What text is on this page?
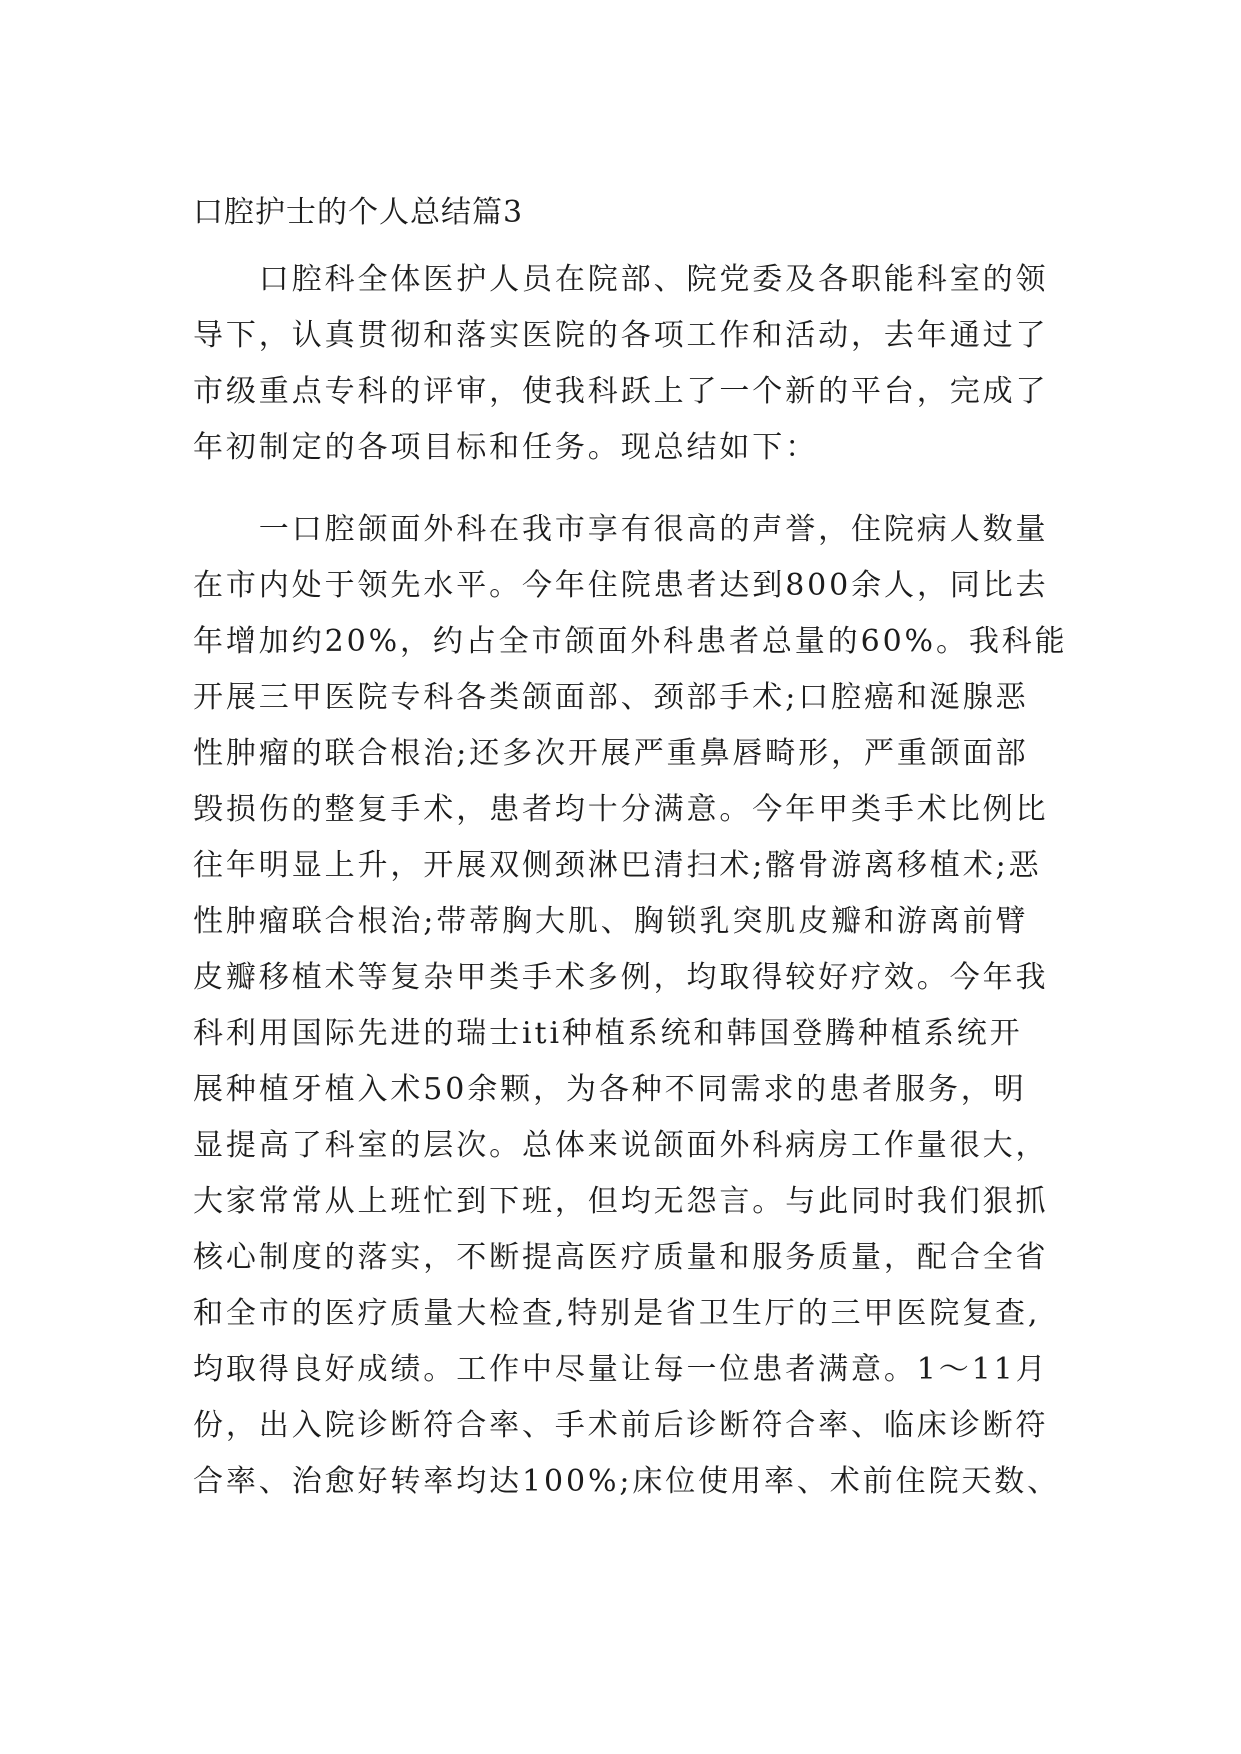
口腔护士的个人总结篇3
　　口腔科全体医护人员在院部、院党委及各职能科室的领
导下，认真贯彻和落实医院的各项工作和活动，去年通过了
市级重点专科的评审，使我科跃上了一个新的平台，完成了
年初制定的各项目标和任务。现总结如下：
　　一口腔颌面外科在我市享有很高的声誉，住院病人数量
在市内处于领先水平。今年住院患者达到800余人，同比去
年增加约20%，约占全市颌面外科患者总量的60%。我科能
开展三甲医院专科各类颌面部、颈部手术;口腔癌和涎腺恶
性肿瘤的联合根治;还多次开展严重鼻唇畸形，严重颌面部
毁损伤的整复手术，患者均十分满意。今年甲类手术比例比
往年明显上升，开展双侧颈淋巴清扫术;髂骨游离移植术;恶
性肿瘤联合根治;带蒂胸大肌、胸锁乳突肌皮瓣和游离前臂
皮瓣移植术等复杂甲类手术多例，均取得较好疗效。今年我
科利用国际先进的瑞士iti种植系统和韩国登腾种植系统开
展种植牙植入术50余颗，为各种不同需求的患者服务，明
显提高了科室的层次。总体来说颌面外科病房工作量很大，
大家常常从上班忙到下班，但均无怨言。与此同时我们狠抓
核心制度的落实，不断提高医疗质量和服务质量，配合全省
和全市的医疗质量大检查,特别是省卫生厅的三甲医院复查,
均取得良好成绩。工作中尽量让每一位患者满意。1～11月
份，出入院诊断符合率、手术前后诊断符合率、临床诊断符
合率、治愈好转率均达100%;床位使用率、术前住院天数、
